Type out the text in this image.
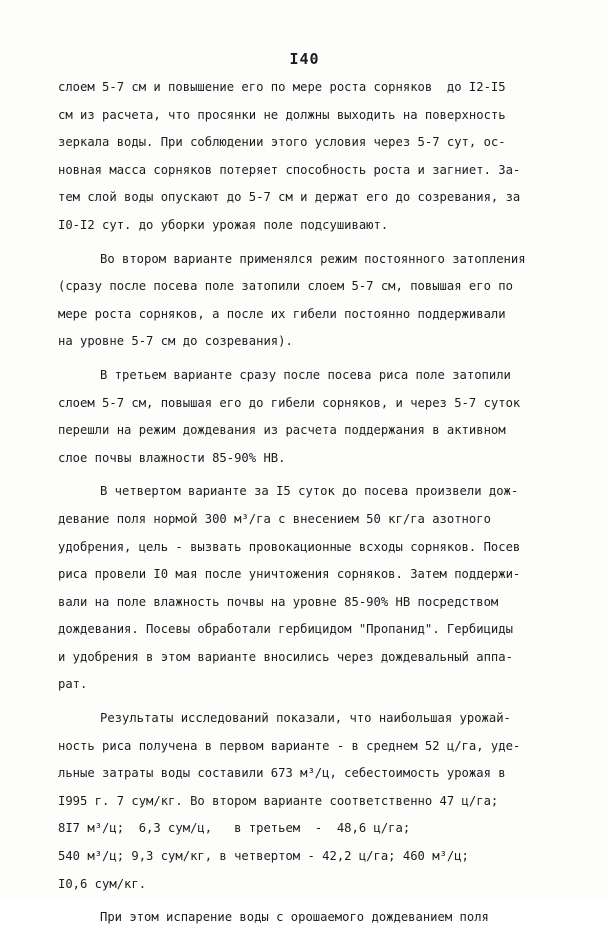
I40
слоем 5-7 см и повышение его по мере роста сорняков  до I2-I5
см из расчета, что просянки не должны выходить на поверхность
зеркала воды. При соблюдении этого условия через 5-7 сут, ос-
новная масса сорняков потеряет способность роста и загниет. За-
тем слой воды опускают до 5-7 см и держат его до созревания, за
I0-I2 сут. до уборки урожая поле подсушивают.
Во втором варианте применялся режим постоянного затопления
(сразу после посева поле затопили слоем 5-7 см, повышая его по
мере роста сорняков, а после их гибели постоянно поддерживали
на уровне 5-7 см до созревания).
В третьем варианте сразу после посева риса поле затопили
слоем 5-7 см, повышая его до гибели сорняков, и через 5-7 суток
перешли на режим дождевания из расчета поддержания в активном
слое почвы влажности 85-90% НВ.
В четвертом варианте за I5 суток до посева произвели дож-
девание поля нормой 300 м³/га с внесением 50 кг/га азотного
удобрения, цель - вызвать провокационные всходы сорняков. Посев
риса провели I0 мая после уничтожения сорняков. Затем поддержи-
вали на поле влажность почвы на уровне 85-90% НВ посредством
дождевания. Посевы обработали гербицидом "Пропанид". Гербициды
и удобрения в этом варианте вносились через дождевальный аппа-
рат.
Результаты исследований показали, что наибольшая урожай-
ность риса получена в первом варианте - в среднем 52 ц/га, удe-
льные затраты воды составили 673 м³/ц, себестоимость урожая в
I995 г. 7 сум/кг. Во втором варианте соответственно 47 ц/га;
8I7 м³/ц;  6,3 сум/ц,   в третьем  -  48,6 ц/га;
540 м³/ц; 9,3 сум/кг, в четвертом - 42,2 ц/га; 460 м³/ц;
I0,6 сум/кг.
При этом испарение воды с орошаемого дождеванием поля
